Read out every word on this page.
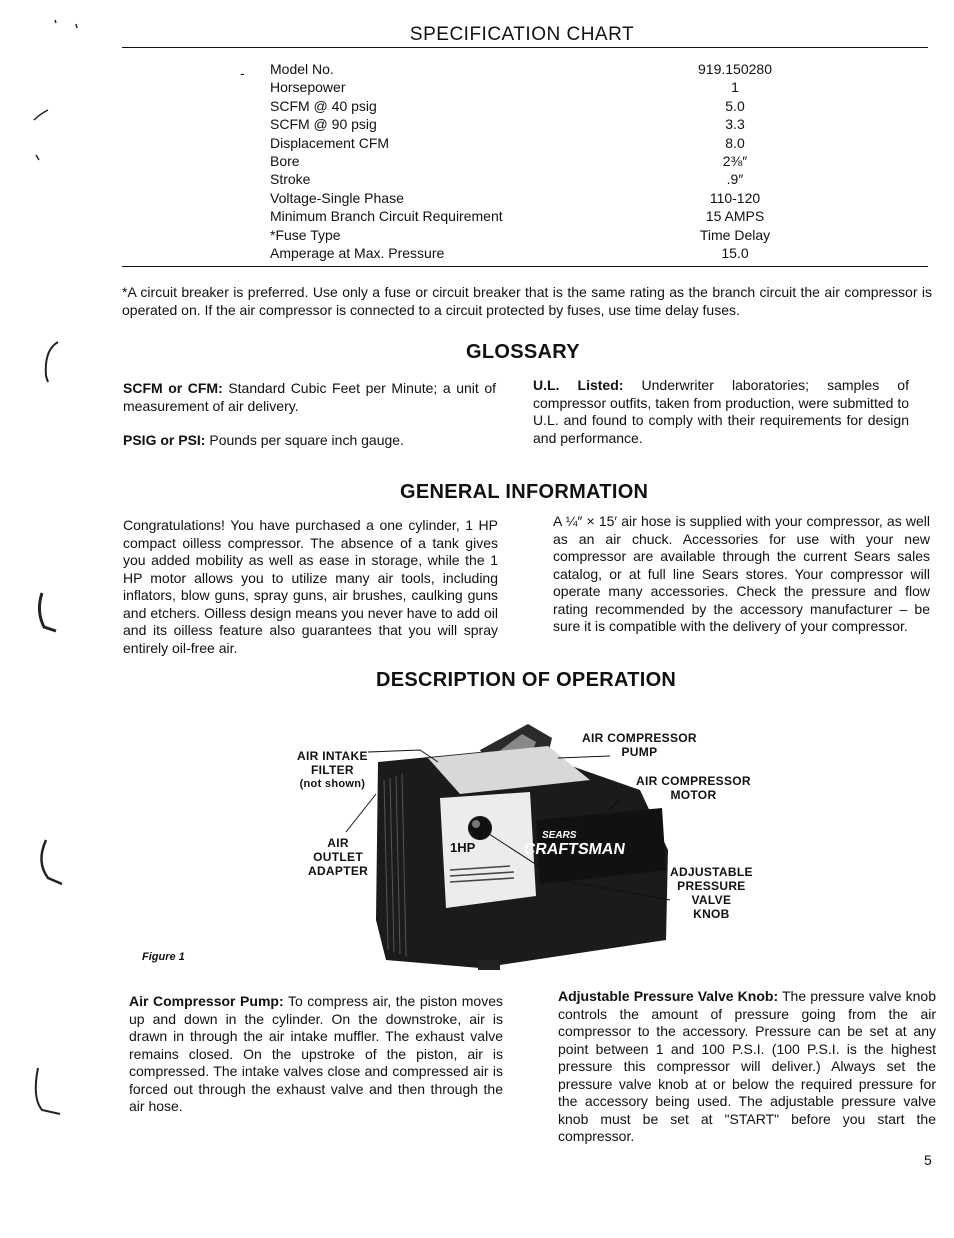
SPECIFICATION CHART
- Model No.	919.150280
Horsepower	1
SCFM @ 40 psig	5.0
SCFM @ 90 psig	3.3
Displacement CFM	8.0
Bore	2⅜″
Stroke	.9″
Voltage-Single Phase	110-120
Minimum Branch Circuit Requirement	15 AMPS
*Fuse Type	Time Delay
Amperage at Max. Pressure	15.0
*A circuit breaker is preferred. Use only a fuse or circuit breaker that is the same rating as the branch circuit the air compressor is operated on. If the air compressor is connected to a circuit protected by fuses, use time delay fuses.
GLOSSARY
SCFM or CFM: Standard Cubic Feet per Minute; a unit of measurement of air delivery.
PSIG or PSI: Pounds per square inch gauge.
U.L. Listed: Underwriter laboratories; samples of compressor outfits, taken from production, were submitted to U.L. and found to comply with their requirements for design and performance.
GENERAL INFORMATION
Congratulations! You have purchased a one cylinder, 1 HP compact oilless compressor. The absence of a tank gives you added mobility as well as ease in storage, while the 1 HP motor allows you to utilize many air tools, including inflators, blow guns, spray guns, air brushes, caulking guns and etchers. Oilless design means you never have to add oil and its oilless feature also guarantees that you will spray entirely oil-free air.
A ¼″ × 15′ air hose is supplied with your compressor, as well as an air chuck. Accessories for use with your new compressor are available through the current Sears sales catalog, or at full line Sears stores. Your compressor will operate many accessories. Check the pressure and flow rating recommended by the accessory manufacturer – be sure it is compatible with the delivery of your compressor.
DESCRIPTION OF OPERATION
SEARS
CRAFTSMAN
1HP
AIR INTAKE
FILTER
(not shown)
AIR
OUTLET
ADAPTER
AIR COMPRESSOR
PUMP
AIR COMPRESSOR
MOTOR
ADJUSTABLE
PRESSURE
VALVE
KNOB
Figure 1
Air Compressor Pump: To compress air, the piston moves up and down in the cylinder. On the downstroke, air is drawn in through the air intake muffler. The exhaust valve remains closed. On the upstroke of the piston, air is compressed. The intake valves close and compressed air is forced out through the exhaust valve and then through the air hose.
Adjustable Pressure Valve Knob: The pressure valve knob controls the amount of pressure going from the air compressor to the accessory. Pressure can be set at any point between 1 and 100 P.S.I. (100 P.S.I. is the highest pressure this compressor will deliver.) Always set the pressure valve knob at or below the required pressure for the accessory being used. The adjustable pressure valve knob must be set at "START" before you start the compressor.
5
